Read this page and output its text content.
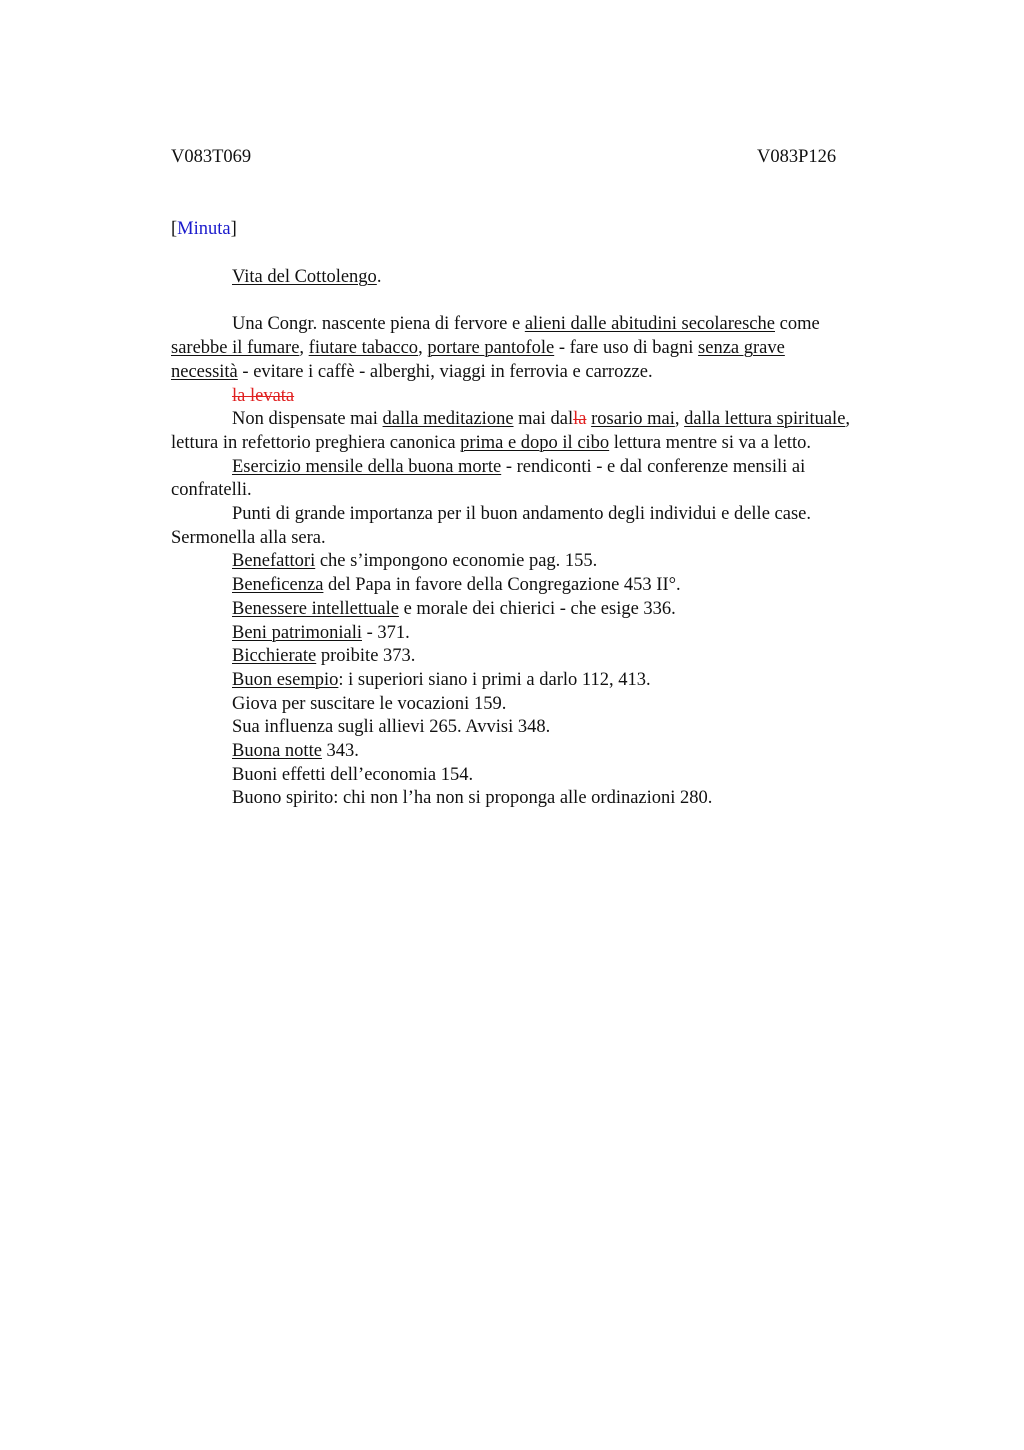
V083T069	V083P126
[Minuta]

Vita del Cottolengo.

Una Congr. nascente piena di fervore e alieni dalle abitudini secolaresche come

sarebbe il fumare, fiutare tabacco, portare pantofole - fare uso di bagni senza grave

necessità - evitare i caffè - alberghi, viaggi in ferrovia e carrozze.

la levata

Non dispensate mai dalla meditazione mai dalla rosario mai, dalla lettura spirituale,

lettura in refettorio preghiera canonica prima e dopo il cibo lettura mentre si va a letto.

Esercizio mensile della buona morte - rendiconti - e dal conferenze mensili ai

confratelli.

Punti di grande importanza per il buon andamento degli individui e delle case.

Sermonella alla sera.

Benefattori che s’impongono economie pag. 155.

Beneficenza del Papa in favore della Congregazione 453 II°.

Benessere intellettuale e morale dei chierici - che esige 336.

Beni patrimoniali - 371.

Bicchierate proibite 373.

Buon esempio: i superiori siano i primi a darlo 112, 413.

Giova per suscitare le vocazioni 159.

Sua influenza sugli allievi 265. Avvisi 348.

Buona notte 343.

Buoni effetti dell’economia 154.

Buono spirito: chi non l’ha non si proponga alle ordinazioni 280.
